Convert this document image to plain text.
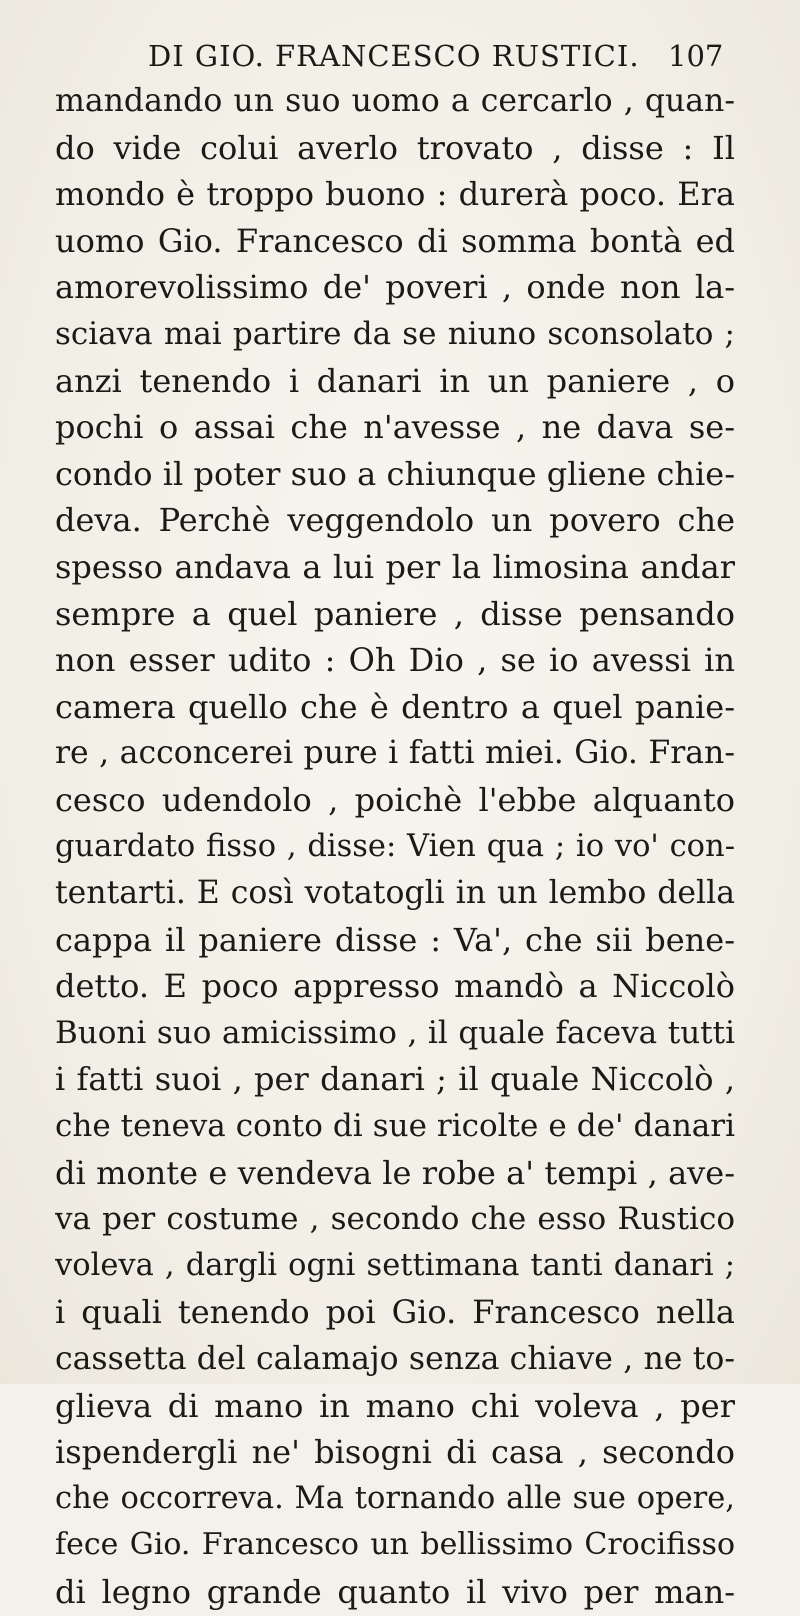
DI GIO. FRANCESCO RUSTICI. 107
mandando un suo uomo a cercarlo , quan-
do vide colui averlo trovato , disse : Il
mondo è troppo buono : durerà poco. Era
uomo Gio. Francesco di somma bontà ed
amorevolissimo de' poveri , onde non la-
sciava mai partire da se niuno sconsolato ;
anzi tenendo i danari in un paniere , o
pochi o assai che n'avesse , ne dava se-
condo il poter suo a chiunque gliene chie-
deva. Perchè veggendolo un povero che
spesso andava a lui per la limosina andar
sempre a quel paniere , disse pensando
non esser udito : Oh Dio , se io avessi in
camera quello che è dentro a quel panie-
re , acconcerei pure i fatti miei. Gio. Fran-
cesco udendolo , poichè l'ebbe alquanto
guardato fisso , disse: Vien qua ; io vo' con-
tentarti. E così votatogli in un lembo della
cappa il paniere disse : Va', che sii bene-
detto. E poco appresso mandò a Niccolò
Buoni suo amicissimo , il quale faceva tutti
i fatti suoi , per danari ; il quale Niccolò ,
che teneva conto di sue ricolte e de' danari
di monte e vendeva le robe a' tempi , ave-
va per costume , secondo che esso Rustico
voleva , dargli ogni settimana tanti danari ;
i quali tenendo poi Gio. Francesco nella
cassetta del calamajo senza chiave , ne to-
glieva di mano in mano chi voleva , per
ispendergli ne' bisogni di casa , secondo
che occorreva. Ma tornando alle sue opere,
fece Gio. Francesco un bellissimo Crocifisso
di legno grande quanto il vivo per man-
